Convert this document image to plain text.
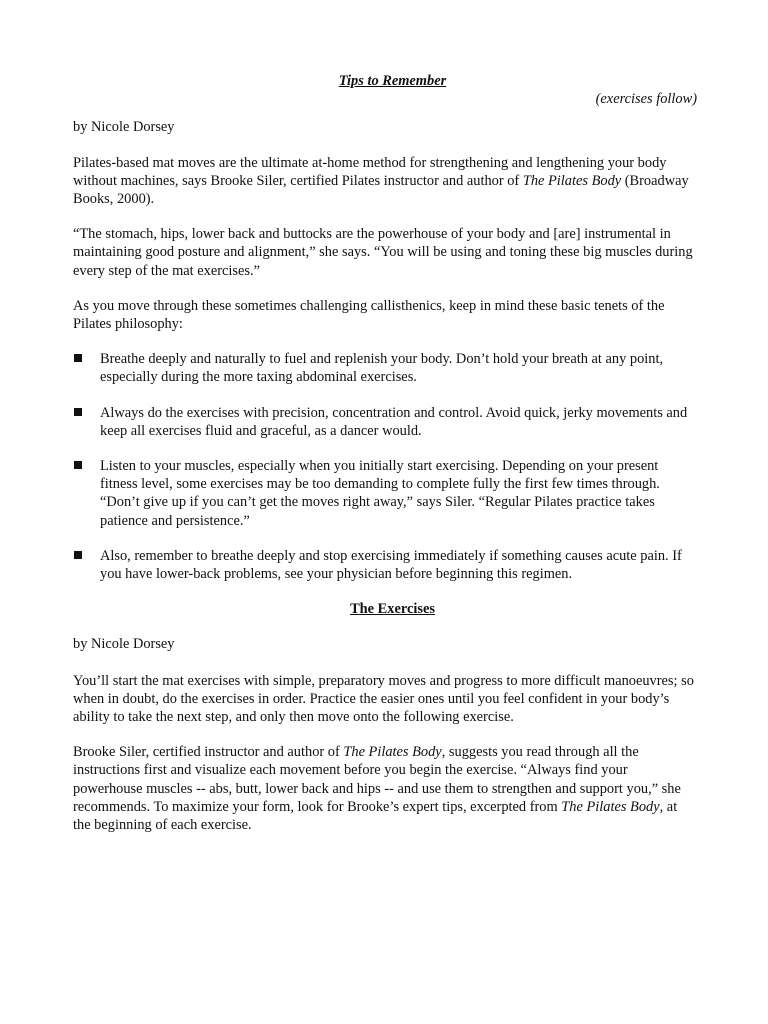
Tips to Remember
(exercises follow)

by Nicole Dorsey

Pilates-based mat moves are the ultimate at-home method for strengthening and lengthening your body without machines, says Brooke Siler, certified Pilates instructor and author of The Pilates Body (Broadway Books, 2000).

“The stomach, hips, lower back and buttocks are the powerhouse of your body and [are] instrumental in maintaining good posture and alignment,” she says. “You will be using and toning these big muscles during every step of the mat exercises.”

As you move through these sometimes challenging callisthenics, keep in mind these basic tenets of the Pilates philosophy:

Breathe deeply and naturally to fuel and replenish your body. Don’t hold your breath at any point, especially during the more taxing abdominal exercises.
Always do the exercises with precision, concentration and control. Avoid quick, jerky movements and keep all exercises fluid and graceful, as a dancer would.
Listen to your muscles, especially when you initially start exercising. Depending on your present fitness level, some exercises may be too demanding to complete fully the first few times through. “Don’t give up if you can’t get the moves right away,” says Siler. “Regular Pilates practice takes patience and persistence.”
Also, remember to breathe deeply and stop exercising immediately if something causes acute pain. If you have lower-back problems, see your physician before beginning this regimen.
The Exercises

by Nicole Dorsey

You’ll start the mat exercises with simple, preparatory moves and progress to more difficult manoeuvres; so when in doubt, do the exercises in order. Practice the easier ones until you feel confident in your body’s ability to take the next step, and only then move onto the following exercise.

Brooke Siler, certified instructor and author of The Pilates Body, suggests you read through all the instructions first and visualize each movement before you begin the exercise. “Always find your powerhouse muscles -- abs, butt, lower back and hips -- and use them to strengthen and support you,” she recommends. To maximize your form, look for Brooke’s expert tips, excerpted from The Pilates Body, at the beginning of each exercise.
